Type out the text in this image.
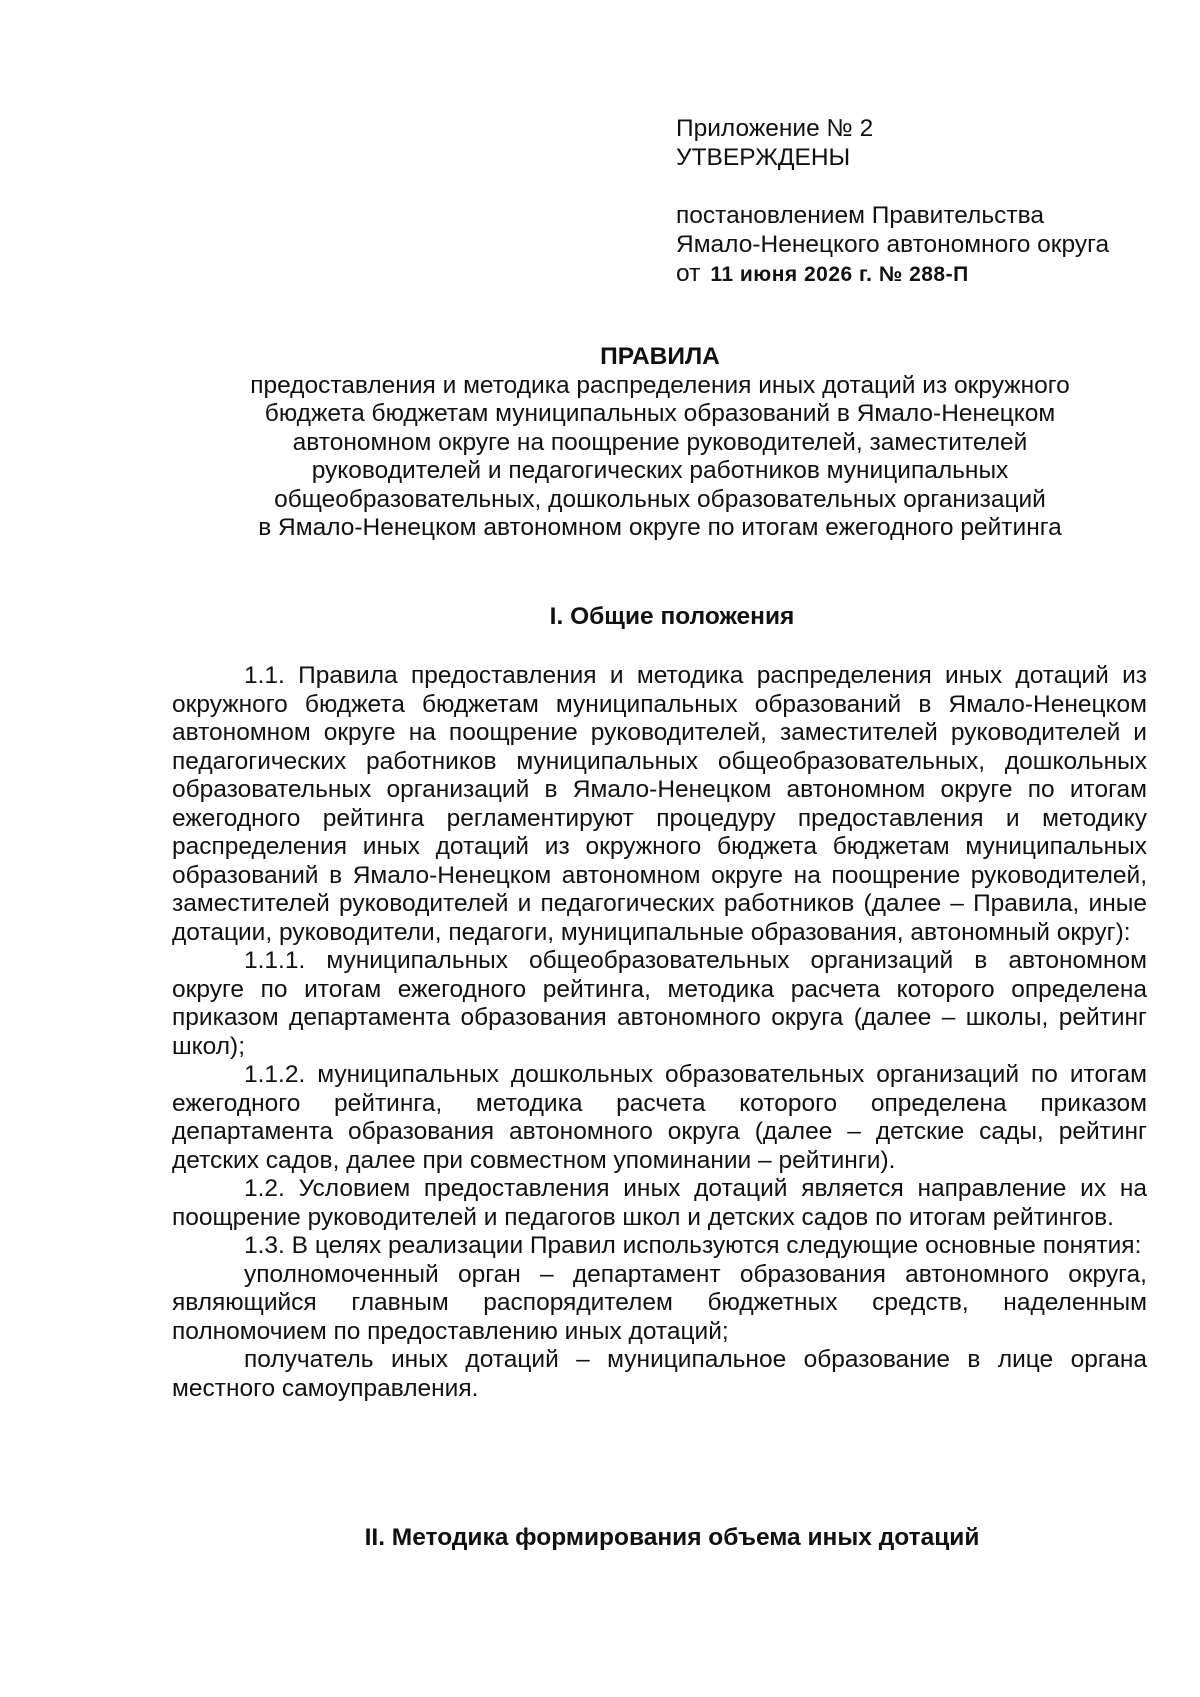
Приложение № 2
УТВЕРЖДЕНЫ
постановлением Правительства
Ямало-Ненецкого автономного округа
от 11 июня 2026 г. № 288-П
ПРАВИЛА
предоставления и методика распределения иных дотаций из окружного
бюджета бюджетам муниципальных образований в Ямало-Ненецком
автономном округе на поощрение руководителей, заместителей
руководителей и педагогических работников муниципальных
общеобразовательных, дошкольных образовательных организаций
в Ямало-Ненецком автономном округе по итогам ежегодного рейтинга
I. Общие положения

1.1. Правила предоставления и методика распределения иных дотаций из окружного бюджета бюджетам муниципальных образований в Ямало-Ненецком автономном округе на поощрение руководителей, заместителей руководителей и педагогических работников муниципальных общеобразовательных, дошкольных образовательных организаций в Ямало-Ненецком автономном округе по итогам ежегодного рейтинга регламентируют процедуру предоставления и методику распределения иных дотаций из окружного бюджета бюджетам муниципальных образований в Ямало-Ненецком автономном округе на поощрение руководителей, заместителей руководителей и педагогических работников (далее – Правила, иные дотации, руководители, педагоги, муниципальные образования, автономный округ):

1.1.1. муниципальных общеобразовательных организаций в автономном округе по итогам ежегодного рейтинга, методика расчета которого определена приказом департамента образования автономного округа (далее – школы, рейтинг школ);

1.1.2. муниципальных дошкольных образовательных организаций по итогам ежегодного рейтинга, методика расчета которого определена приказом департамента образования автономного округа (далее – детские сады, рейтинг детских садов, далее при совместном упоминании – рейтинги).

1.2. Условием предоставления иных дотаций является направление их на поощрение руководителей и педагогов школ и детских садов по итогам рейтингов.

1.3. В целях реализации Правил используются следующие основные понятия:

уполномоченный орган – департамент образования автономного округа, являющийся главным распорядителем бюджетных средств, наделенным полномочием по предоставлению иных дотаций;

получатель иных дотаций – муниципальное образование в лице органа местного самоуправления.

II. Методика формирования объема иных дотаций
